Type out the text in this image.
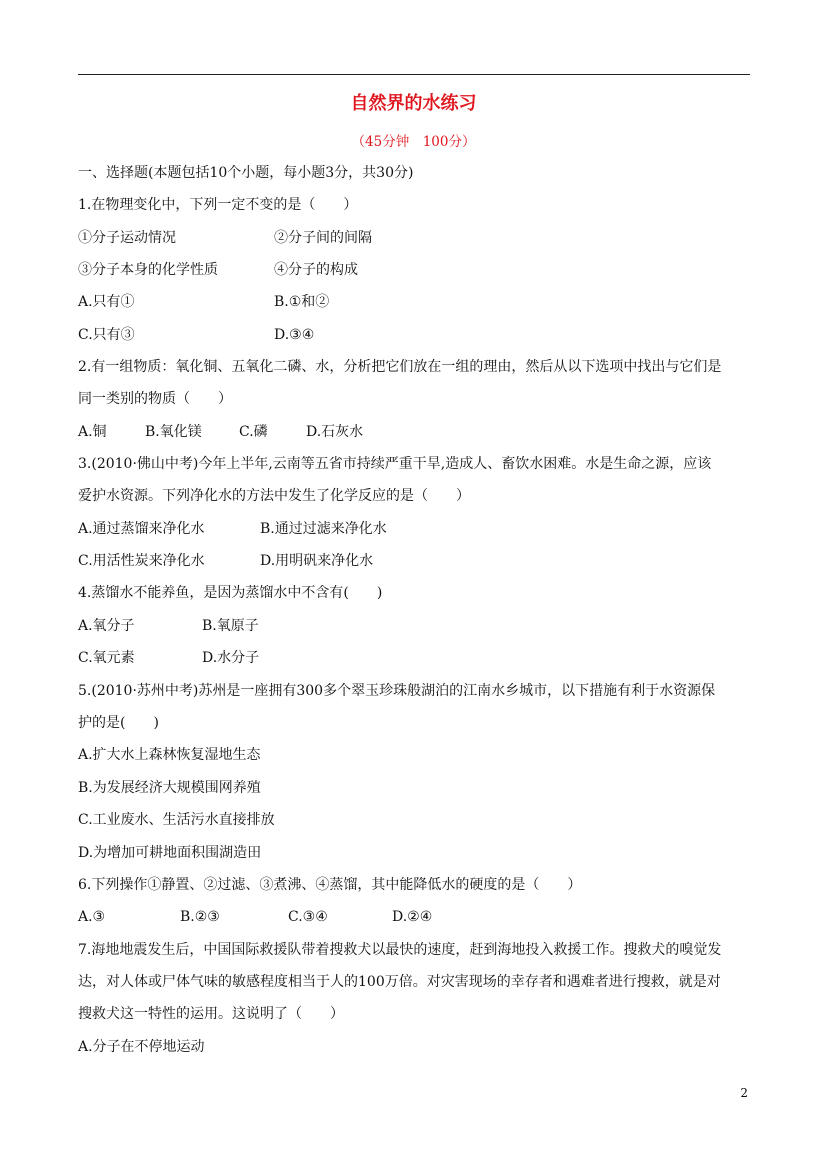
自然界的水练习
（45分钟　100分）
一、选择题(本题包括10个小题，每小题3分，共30分)
1.在物理变化中，下列一定不变的是（　　）
①分子运动情况	②分子间的间隔
③分子本身的化学性质	④分子的构成
A.只有①	B.①和②
C.只有③	D.③④
2.有一组物质：氧化铜、五氧化二磷、水，分析把它们放在一组的理由，然后从以下选项中找出与它们是
同一类别的物质（　　）
A.铜	B.氧化镁	C.磷	D.石灰水
3.(2010·佛山中考)今年上半年,云南等五省市持续严重干旱,造成人、畜饮水困难。水是生命之源，应该
爱护水资源。下列净化水的方法中发生了化学反应的是（　　）
A.通过蒸馏来净化水	B.通过过滤来净化水
C.用活性炭来净化水	D.用明矾来净化水
4.蒸馏水不能养鱼，是因为蒸馏水中不含有(　　)
A.氧分子	B.氧原子
C.氧元素	D.水分子
5.(2010·苏州中考)苏州是一座拥有300多个翠玉珍珠般湖泊的江南水乡城市，以下措施有利于水资源保
护的是(　　)
A.扩大水上森林恢复湿地生态
B.为发展经济大规模围网养殖
C.工业废水、生活污水直接排放
D.为增加可耕地面积围湖造田
6.下列操作①静置、②过滤、③煮沸、④蒸馏，其中能降低水的硬度的是（　　）
A.③	B.②③	C.③④	D.②④
7.海地地震发生后，中国国际救援队带着搜救犬以最快的速度，赶到海地投入救援工作。搜救犬的嗅觉发
达，对人体或尸体气味的敏感程度相当于人的100万倍。对灾害现场的幸存者和遇难者进行搜救，就是对
搜救犬这一特性的运用。这说明了（　　）
A.分子在不停地运动
2
